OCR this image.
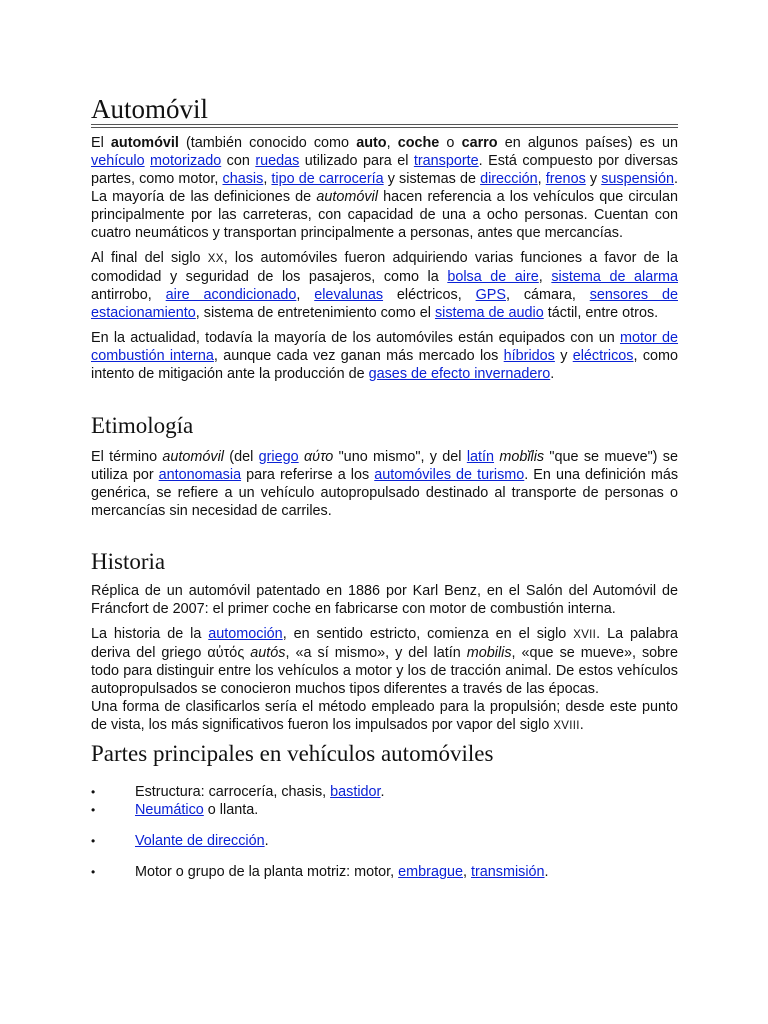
Automóvil

El automóvil (también conocido como auto, coche o carro en algunos países) es un vehículo motorizado con ruedas utilizado para el transporte. Está compuesto por diversas partes, como motor, chasis, tipo de carrocería y sistemas de dirección, frenos y suspensión. La mayoría de las definiciones de automóvil hacen referencia a los vehículos que circulan principalmente por las carreteras, con capacidad de una a ocho personas. Cuentan con cuatro neumáticos y transportan principalmente a personas, antes que mercancías.

Al final del siglo XX, los automóviles fueron adquiriendo varias funciones a favor de la comodidad y seguridad de los pasajeros, como la bolsa de aire, sistema de alarma antirrobo, aire acondicionado, elevalunas eléctricos, GPS, cámara, sensores de estacionamiento, sistema de entretenimiento como el sistema de audio táctil, entre otros.

En la actualidad, todavía la mayoría de los automóviles están equipados con un motor de combustión interna, aunque cada vez ganan más mercado los híbridos y eléctricos, como intento de mitigación ante la producción de gases de efecto invernadero.

Etimología

El término automóvil (del griego αύτο "uno mismo", y del latín mobĭlis "que se mueve") se utiliza por antonomasia para referirse a los automóviles de turismo. En una definición más genérica, se refiere a un vehículo autopropulsado destinado al transporte de personas o mercancías sin necesidad de carriles.

Historia

Réplica de un automóvil patentado en 1886 por Karl Benz, en el Salón del Automóvil de Fráncfort de 2007: el primer coche en fabricarse con motor de combustión interna.

La historia de la automoción, en sentido estricto, comienza en el siglo XVII. La palabra deriva del griego αὐτός autós, «a sí mismo», y del latín mobilis, «que se mueve», sobre todo para distinguir entre los vehículos a motor y los de tracción animal. De estos vehículos autopropulsados se conocieron muchos tipos diferentes a través de las épocas.

Una forma de clasificarlos sería el método empleado para la propulsión; desde este punto de vista, los más significativos fueron los impulsados por vapor del siglo XVIII.

Partes principales en vehículos automóviles
•	Estructura: carrocería, chasis, bastidor.
•	Neumático o llanta.
•	Volante de dirección.
•	Motor o grupo de la planta motriz: motor, embrague, transmisión.
